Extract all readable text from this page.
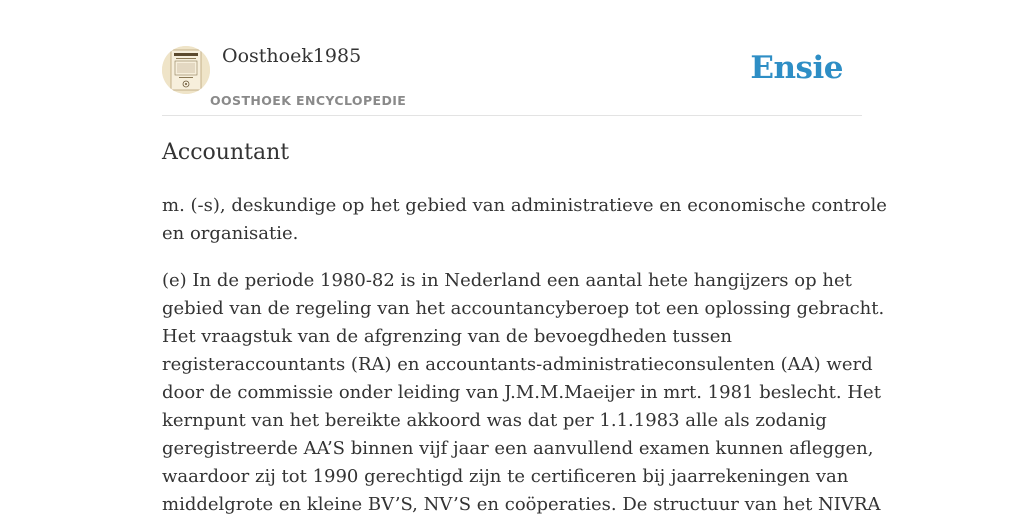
Oosthoek1985
OOSTHOEK ENCYCLOPEDIE
Ensie
Accountant

m. (-s), deskundige op het gebied van administratieve en economische controle
en organisatie.

(e) In de periode 1980-82 is in Nederland een aantal hete hangijzers op het
gebied van de regeling van het accountancyberoep tot een oplossing gebracht.
Het vraagstuk van de afgrenzing van de bevoegdheden tussen
registeraccountants (RA) en accountants-administratieconsulenten (AA) werd
door de commissie onder leiding van J.M.M.Maeijer in mrt. 1981 beslecht. Het
kernpunt van het bereikte akkoord was dat per 1.1.1983 alle als zodanig
geregistreerde AA’S binnen vijf jaar een aanvullend examen kunnen afleggen,
waardoor zij tot 1990 gerechtigd zijn te certificeren bij jaarrekeningen van
middelgrote en kleine BV’S, NV’S en coöperaties. De structuur van het NIVRA
